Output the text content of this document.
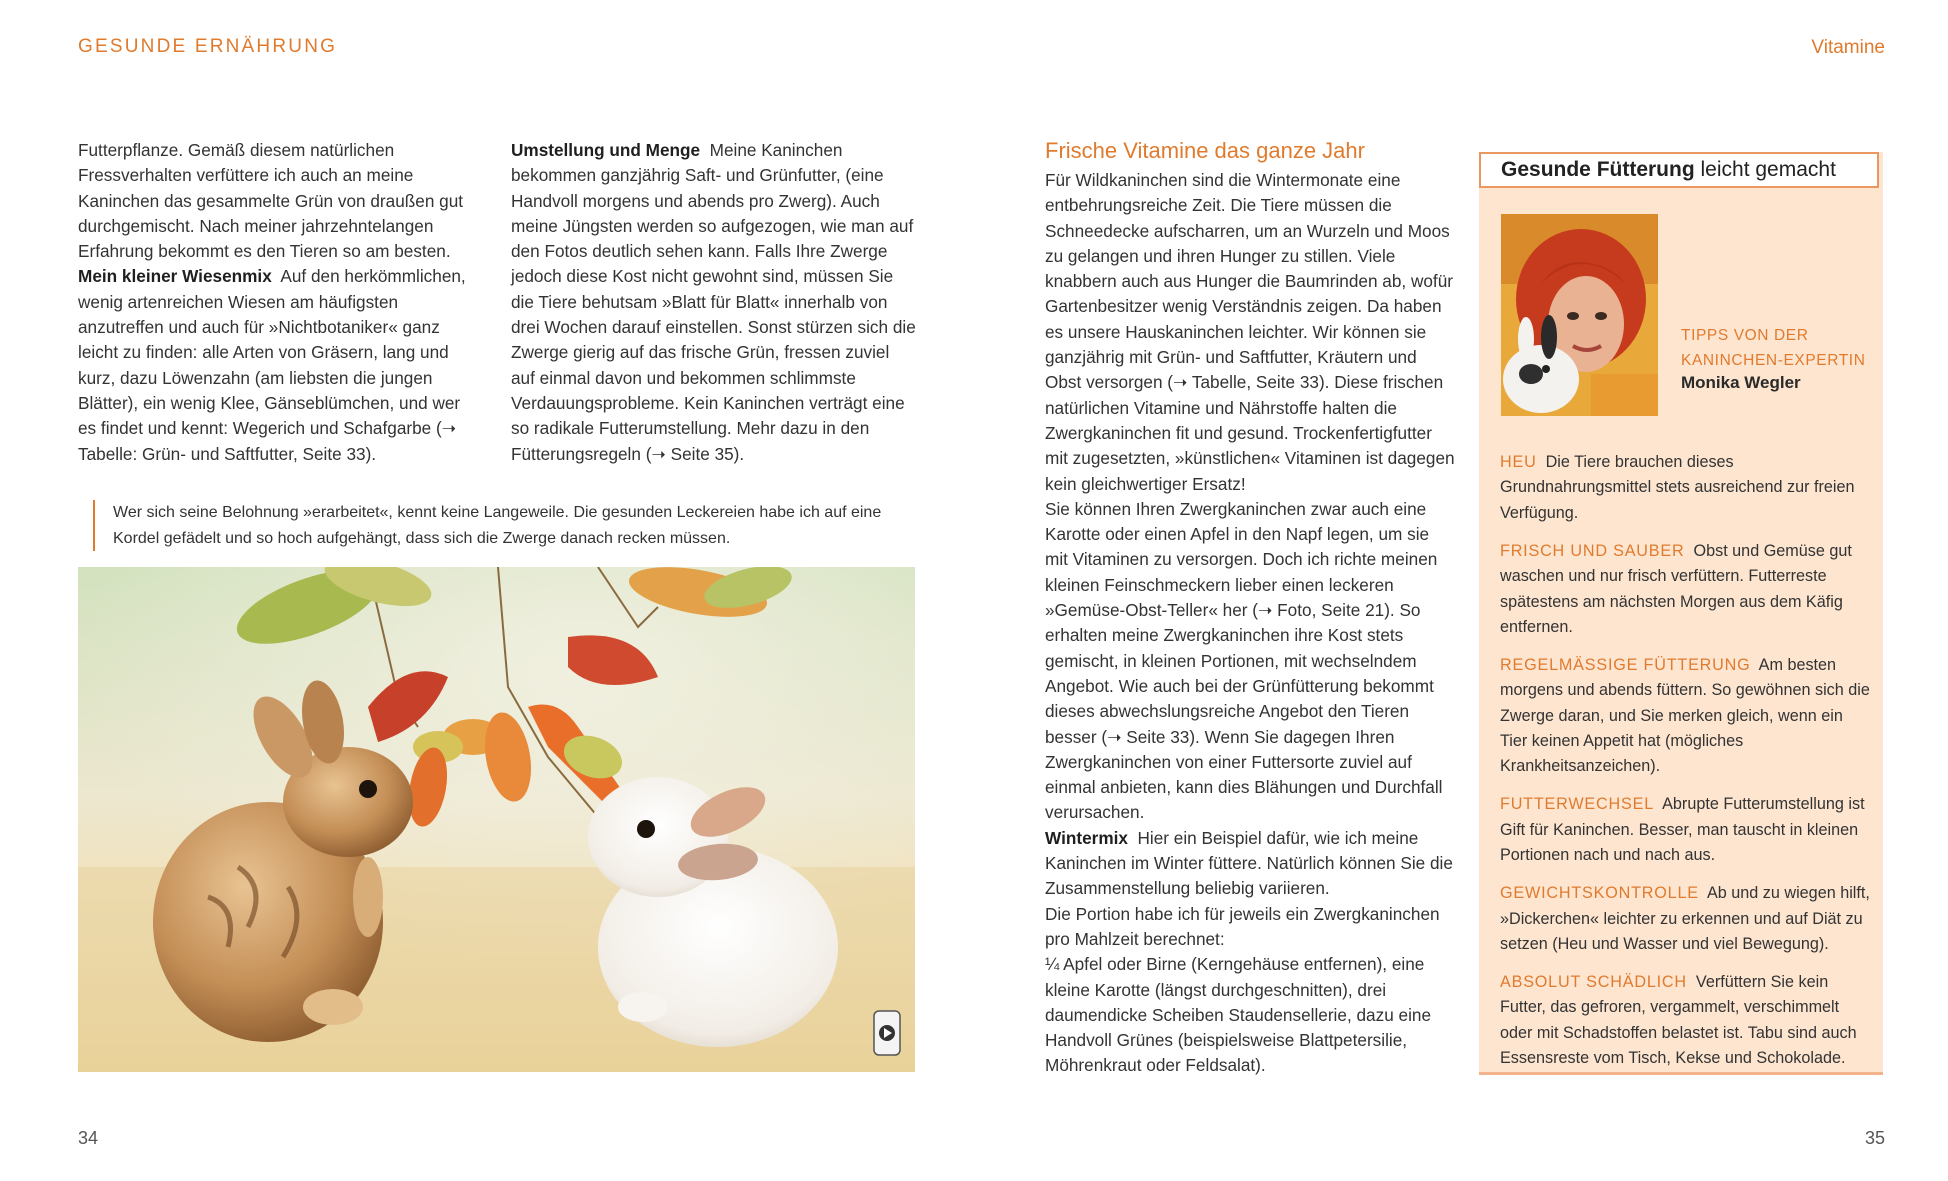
GESUNDE ERNÄHRUNG	Vitamine

Futterpflanze. Gemäß diesem natürlichen Fressverhalten verfüttere ich auch an meine Kaninchen das gesammelte Grün von draußen gut durchgemischt. Nach meiner jahrzehntelangen Erfahrung bekommt es den Tieren so am besten.

Mein kleiner Wiesenmix Auf den herkömmlichen, wenig artenreichen Wiesen am häufigsten anzutreffen und auch für »Nichtbotaniker« ganz leicht zu finden: alle Arten von Gräsern, lang und kurz, dazu Löwenzahn (am liebsten die jungen Blätter), ein wenig Klee, Gänseblümchen, und wer es findet und kennt: Wegerich und Schafgarbe (➝ Tabelle: Grün- und Saftfutter, Seite 33).

Umstellung und Menge Meine Kaninchen bekommen ganzjährig Saft- und Grünfutter, (eine Handvoll morgens und abends pro Zwerg). Auch meine Jüngsten werden so aufgezogen, wie man auf den Fotos deutlich sehen kann. Falls Ihre Zwerge jedoch diese Kost nicht gewohnt sind, müssen Sie die Tiere behutsam »Blatt für Blatt« innerhalb von drei Wochen darauf einstellen. Sonst stürzen sich die Zwerge gierig auf das frische Grün, fressen zuviel auf einmal davon und bekommen schlimmste Verdauungsprobleme. Kein Kaninchen verträgt eine so radikale Futterumstellung. Mehr dazu in den Fütterungsregeln (➝ Seite 35).

Wer sich seine Belohnung »erarbeitet«, kennt keine Langeweile. Die gesunden Leckereien habe ich auf eine Kordel gefädelt und so hoch aufgehängt, dass sich die Zwerge danach recken müssen.
Frische Vitamine das ganze Jahr

Für Wildkaninchen sind die Wintermonate eine entbehrungsreiche Zeit. Die Tiere müssen die Schneedecke aufscharren, um an Wurzeln und Moos zu gelangen und ihren Hunger zu stillen. Viele knabbern auch aus Hunger die Baumrinden ab, wofür Gartenbesitzer wenig Verständnis zeigen. Da haben es unsere Hauskaninchen leichter. Wir können sie ganzjährig mit Grün- und Saftfutter, Kräutern und Obst versorgen (➝ Tabelle, Seite 33). Diese frischen natürlichen Vitamine und Nährstoffe halten die Zwergkaninchen fit und gesund. Trockenfertigfutter mit zugesetzten, »künstlichen« Vitaminen ist dagegen kein gleichwertiger Ersatz!

Sie können Ihren Zwergkaninchen zwar auch eine Karotte oder einen Apfel in den Napf legen, um sie mit Vitaminen zu versorgen. Doch ich richte meinen kleinen Feinschmeckern lieber einen leckeren »Gemüse-Obst-Teller« her (➝ Foto, Seite 21). So erhalten meine Zwergkaninchen ihre Kost stets gemischt, in kleinen Portionen, mit wechselndem Angebot. Wie auch bei der Grünfütterung bekommt dieses abwechslungsreiche Angebot den Tieren besser (➝ Seite 33). Wenn Sie dagegen Ihren Zwergkaninchen von einer Futtersorte zuviel auf einmal anbieten, kann dies Blähungen und Durchfall verursachen.

Wintermix Hier ein Beispiel dafür, wie ich meine Kaninchen im Winter füttere. Natürlich können Sie die Zusammenstellung beliebig variieren.

Die Portion habe ich für jeweils ein Zwergkaninchen pro Mahlzeit berechnet:

¼ Apfel oder Birne (Kerngehäuse entfernen), eine kleine Karotte (längst durchgeschnitten), drei daumendicke Scheiben Staudensellerie, dazu eine Handvoll Grünes (beispielsweise Blattpetersilie, Möhrenkraut oder Feldsalat).

Gesunde Fütterung leicht gemacht
TIPPS VON DER
KANINCHEN-EXPERTIN
Monika Wegler

HEU Die Tiere brauchen dieses Grundnahrungsmittel stets ausreichend zur freien Verfügung.

FRISCH UND SAUBER Obst und Gemüse gut waschen und nur frisch verfüttern. Futterreste spätestens am nächsten Morgen aus dem Käfig entfernen.

REGELMÄSSIGE FÜTTERUNG Am besten morgens und abends füttern. So gewöhnen sich die Zwerge daran, und Sie merken gleich, wenn ein Tier keinen Appetit hat (mögliches Krankheitsanzeichen).

FUTTERWECHSEL Abrupte Futterumstellung ist Gift für Kaninchen. Besser, man tauscht in kleinen Portionen nach und nach aus.

GEWICHTSKONTROLLE Ab und zu wiegen hilft, »Dickerchen« leichter zu erkennen und auf Diät zu setzen (Heu und Wasser und viel Bewegung).

ABSOLUT SCHÄDLICH Verfüttern Sie kein Futter, das gefroren, vergammelt, verschimmelt oder mit Schadstoffen belastet ist. Tabu sind auch Essensreste vom Tisch, Kekse und Schokolade.

34	35
